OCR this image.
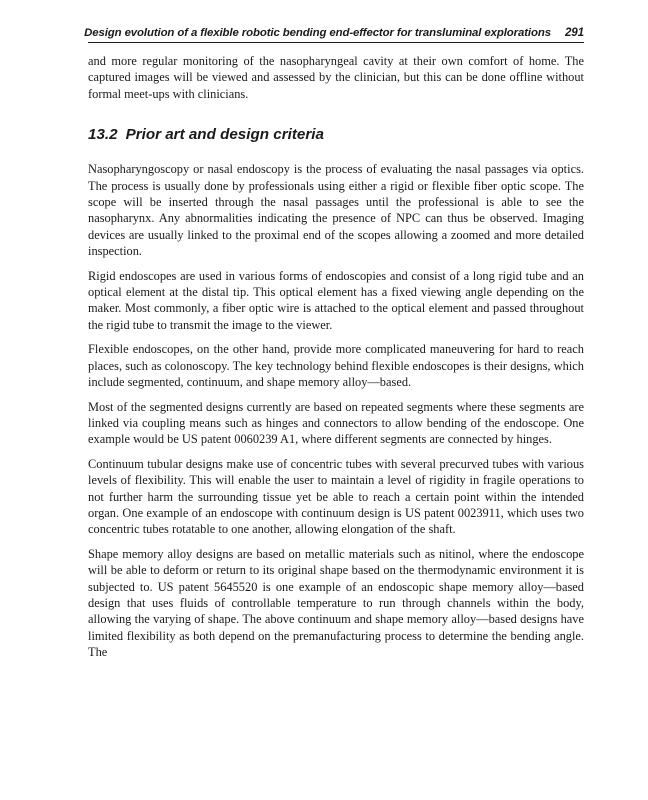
Design evolution of a flexible robotic bending end-effector for transluminal explorations 291

and more regular monitoring of the nasopharyngeal cavity at their own comfort of home. The captured images will be viewed and assessed by the clinician, but this can be done offline without formal meet-ups with clinicians.

13.2 Prior art and design criteria

Nasopharyngoscopy or nasal endoscopy is the process of evaluating the nasal passages via optics. The process is usually done by professionals using either a rigid or flexible fiber optic scope. The scope will be inserted through the nasal passages until the professional is able to see the nasopharynx. Any abnormalities indicating the presence of NPC can thus be observed. Imaging devices are usually linked to the proximal end of the scopes allowing a zoomed and more detailed inspection.

Rigid endoscopes are used in various forms of endoscopies and consist of a long rigid tube and an optical element at the distal tip. This optical element has a fixed viewing angle depending on the maker. Most commonly, a fiber optic wire is attached to the optical element and passed throughout the rigid tube to transmit the image to the viewer.

Flexible endoscopes, on the other hand, provide more complicated maneuvering for hard to reach places, such as colonoscopy. The key technology behind flexible endoscopes is their designs, which include segmented, continuum, and shape memory alloy—based.

Most of the segmented designs currently are based on repeated segments where these segments are linked via coupling means such as hinges and connectors to allow bending of the endoscope. One example would be US patent 0060239 A1, where different segments are connected by hinges.

Continuum tubular designs make use of concentric tubes with several precurved tubes with various levels of flexibility. This will enable the user to maintain a level of rigidity in fragile operations to not further harm the surrounding tissue yet be able to reach a certain point within the intended organ. One example of an endoscope with continuum design is US patent 0023911, which uses two concentric tubes rotatable to one another, allowing elongation of the shaft.

Shape memory alloy designs are based on metallic materials such as nitinol, where the endoscope will be able to deform or return to its original shape based on the thermodynamic environment it is subjected to. US patent 5645520 is one example of an endoscopic shape memory alloy—based design that uses fluids of controllable temperature to run through channels within the body, allowing the varying of shape. The above continuum and shape memory alloy—based designs have limited flexibility as both depend on the premanufacturing process to determine the bending angle. The
